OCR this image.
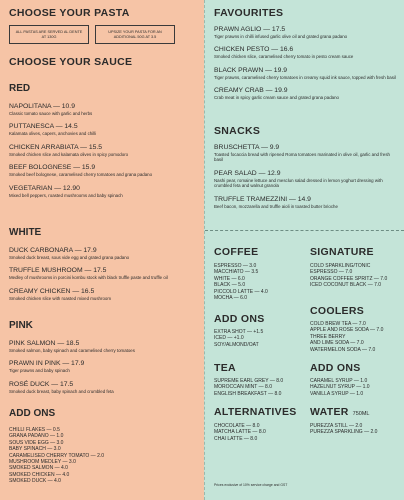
CHOOSE YOUR PASTA
ALL PASTAS ARE SERVED AL DENTE AT 130G
UPSIZE YOUR PASTA FOR AN ADDITIONAL 50G AT 3.5
CHOOSE YOUR SAUCE
RED
NAPOLITANA — 10.9
Classic tomato sauce with garlic and herbs
PUTTANESCA — 14.5
Kalamata olives, capers, anchovies and chilli
CHICKEN ARRABIATA — 15.5
Smoked chicken slice and kalamata olives in spicy pomodoro
BEEF BOLOGNESE — 15.9
Smoked beef bolognese, caramelised cherry tomatoes and grana padano
VEGETARIAN — 12.90
Mixed bell peppers, roasted mushrooms and baby spinach
WHITE
DUCK CARBONARA — 17.9
Smoked duck breast, sous vide egg and grated grana padano
TRUFFLE MUSHROOM — 17.5
Medley of mushrooms in porcini kombu stock with black truffle paste and truffle oil
CREAMY CHICKEN — 16.5
Smoked chicken slice with roasted mixed mushroom
PINK
PINK SALMON — 18.5
Smoked salmon, baby spinach and caramelised cherry tomatoes
PRAWN IN PINK — 17.9
Tiger prawns and baby spinach
ROSÉ DUCK — 17.5
Smoked duck breast, baby spinach and crumbled feta
ADD ONS
CHILLI FLAKES — 0.5
GRANA PADANO — 1.0
SOUS VIDE EGG — 3.0
BABY SPINACH — 3.0
CARAMELISED CHERRY TOMATO — 2.0
MUSHROOM MEDLEY — 3.0
SMOKED SALMON — 4.0
SMOKED CHICKEN — 4.0
SMOKED DUCK — 4.0
FAVOURITES
PRAWN AGLIO — 17.5
Tiger prawns in chilli infused garlic olive oil and grated grana padano
CHICKEN PESTO — 16.6
Smoked chicken slice, caramelised cherry tomato in pesto cream sauce
BLACK PRAWN — 19.9
Tiger prawns, caramelised cherry tomatoes in creamy squid ink sauce, topped with fresh basil
CREAMY CRAB — 19.9
Crab meat in spicy garlic cream sauce and grated grana padano
SNACKS
BRUSCHETTA — 9.9
Toasted focaccia bread with ripened Roma tomatoes marinated in olive oil, garlic and fresh basil
PEAR SALAD — 12.9
Nashi pear, romaine lettuce and mesclun salad dressed in lemon yoghurt dressing with crumbled feta and walnut granola
TRUFFLE TRAMEZZINI — 14.9
Beef bacon, mozzarella and truffle aioli in toasted butter brioche
COFFEE
ESPRESSO — 3.0
MACCHIATO — 3.5
WHITE — 6.0
BLACK — 5.0
PICCOLO LATTE — 4.0
MOCHA — 6.0
SIGNATURE
COLD SPARKLING/TONIC
ESPRESSO — 7.0
ORANGE COFFEE SPRITZ — 7.0
ICED COCONUT BLACK — 7.0
COOLERS
COLD BREW TEA — 7.0
APPLE AND ROSE SODA — 7.0
THREE BERRY
AND LIME SODA — 7.0
WATERMELON SODA — 7.0
ADD ONS
EXTRA SHOT — +1.5
ICED — +1.0
SOY/ALMOND/OAT
TEA
SUPREME EARL GREY — 8.0
MOROCCAN MINT — 8.0
ENGLISH BREAKFAST — 8.0
ADD ONS
CARAMEL SYRUP — 1.0
HAZELNUT SYRUP — 1.0
VANILLA SYRUP — 1.0
ALTERNATIVES
CHOCOLATE — 8.0
MATCHA LATTE — 8.0
CHAI LATTE — 8.0
WATER 750ML
PUREZZA STILL — 2.0
PUREZZA SPARKLING — 2.0
Prices exclusive of 10% service charge and GST
